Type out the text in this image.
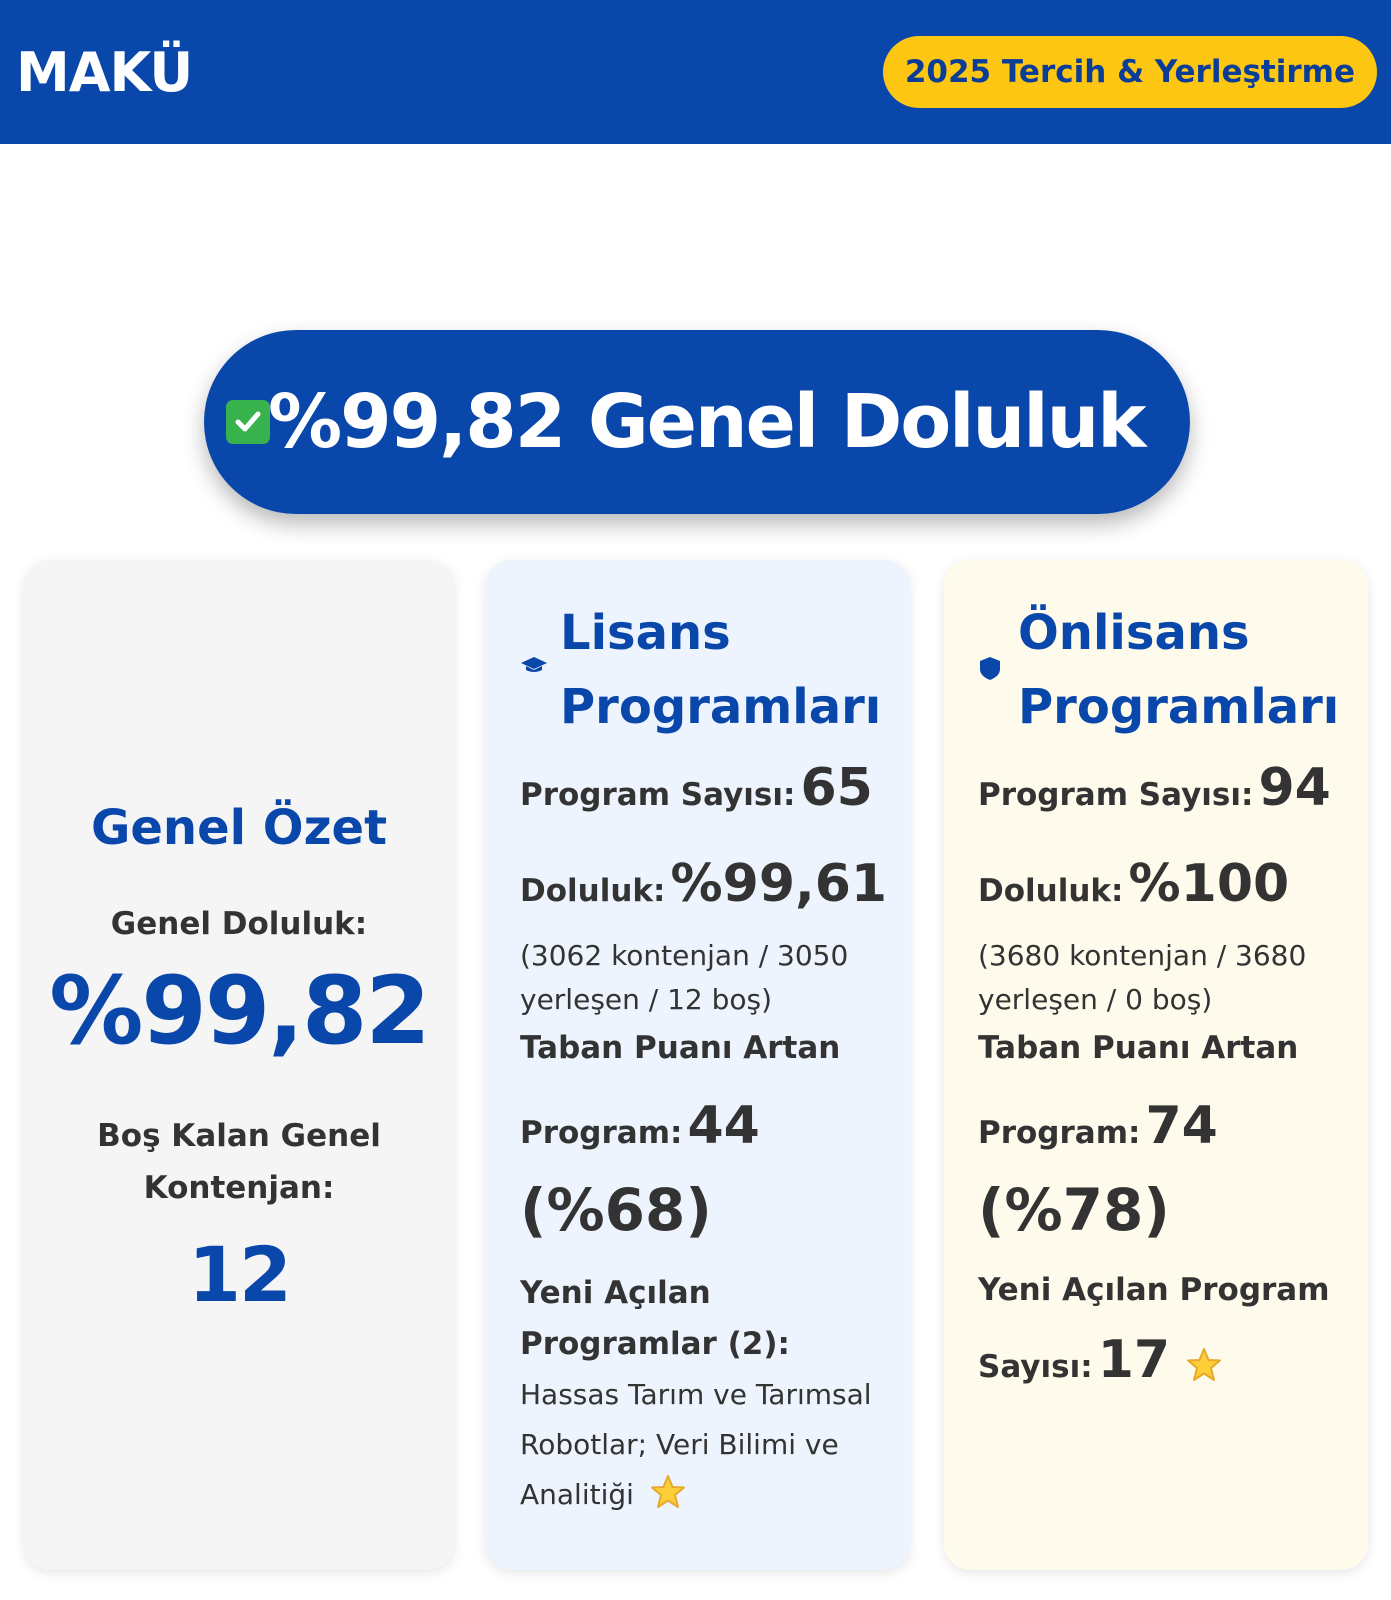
MAKÜ	2025 Tercih & Yerleştirme
%99,82 Genel Doluluk
Genel Özet
Genel Doluluk:
%99,82
Boş Kalan Genel Kontenjan:
12
Lisans
Programları
Program Sayısı: 65
Doluluk: %99,61
(3062 kontenjan / 3050 yerleşen / 12 boş)
Taban Puanı Artan
Program: 44
(%68)
Yeni Açılan Programlar (2): Hassas Tarım ve Tarımsal Robotlar; Veri Bilimi ve Analitiği
Önlisans
Programları
Program Sayısı: 94
Doluluk: %100
(3680 kontenjan / 3680 yerleşen / 0 boş)
Taban Puanı Artan
Program: 74
(%78)
Yeni Açılan Program
Sayısı: 17
